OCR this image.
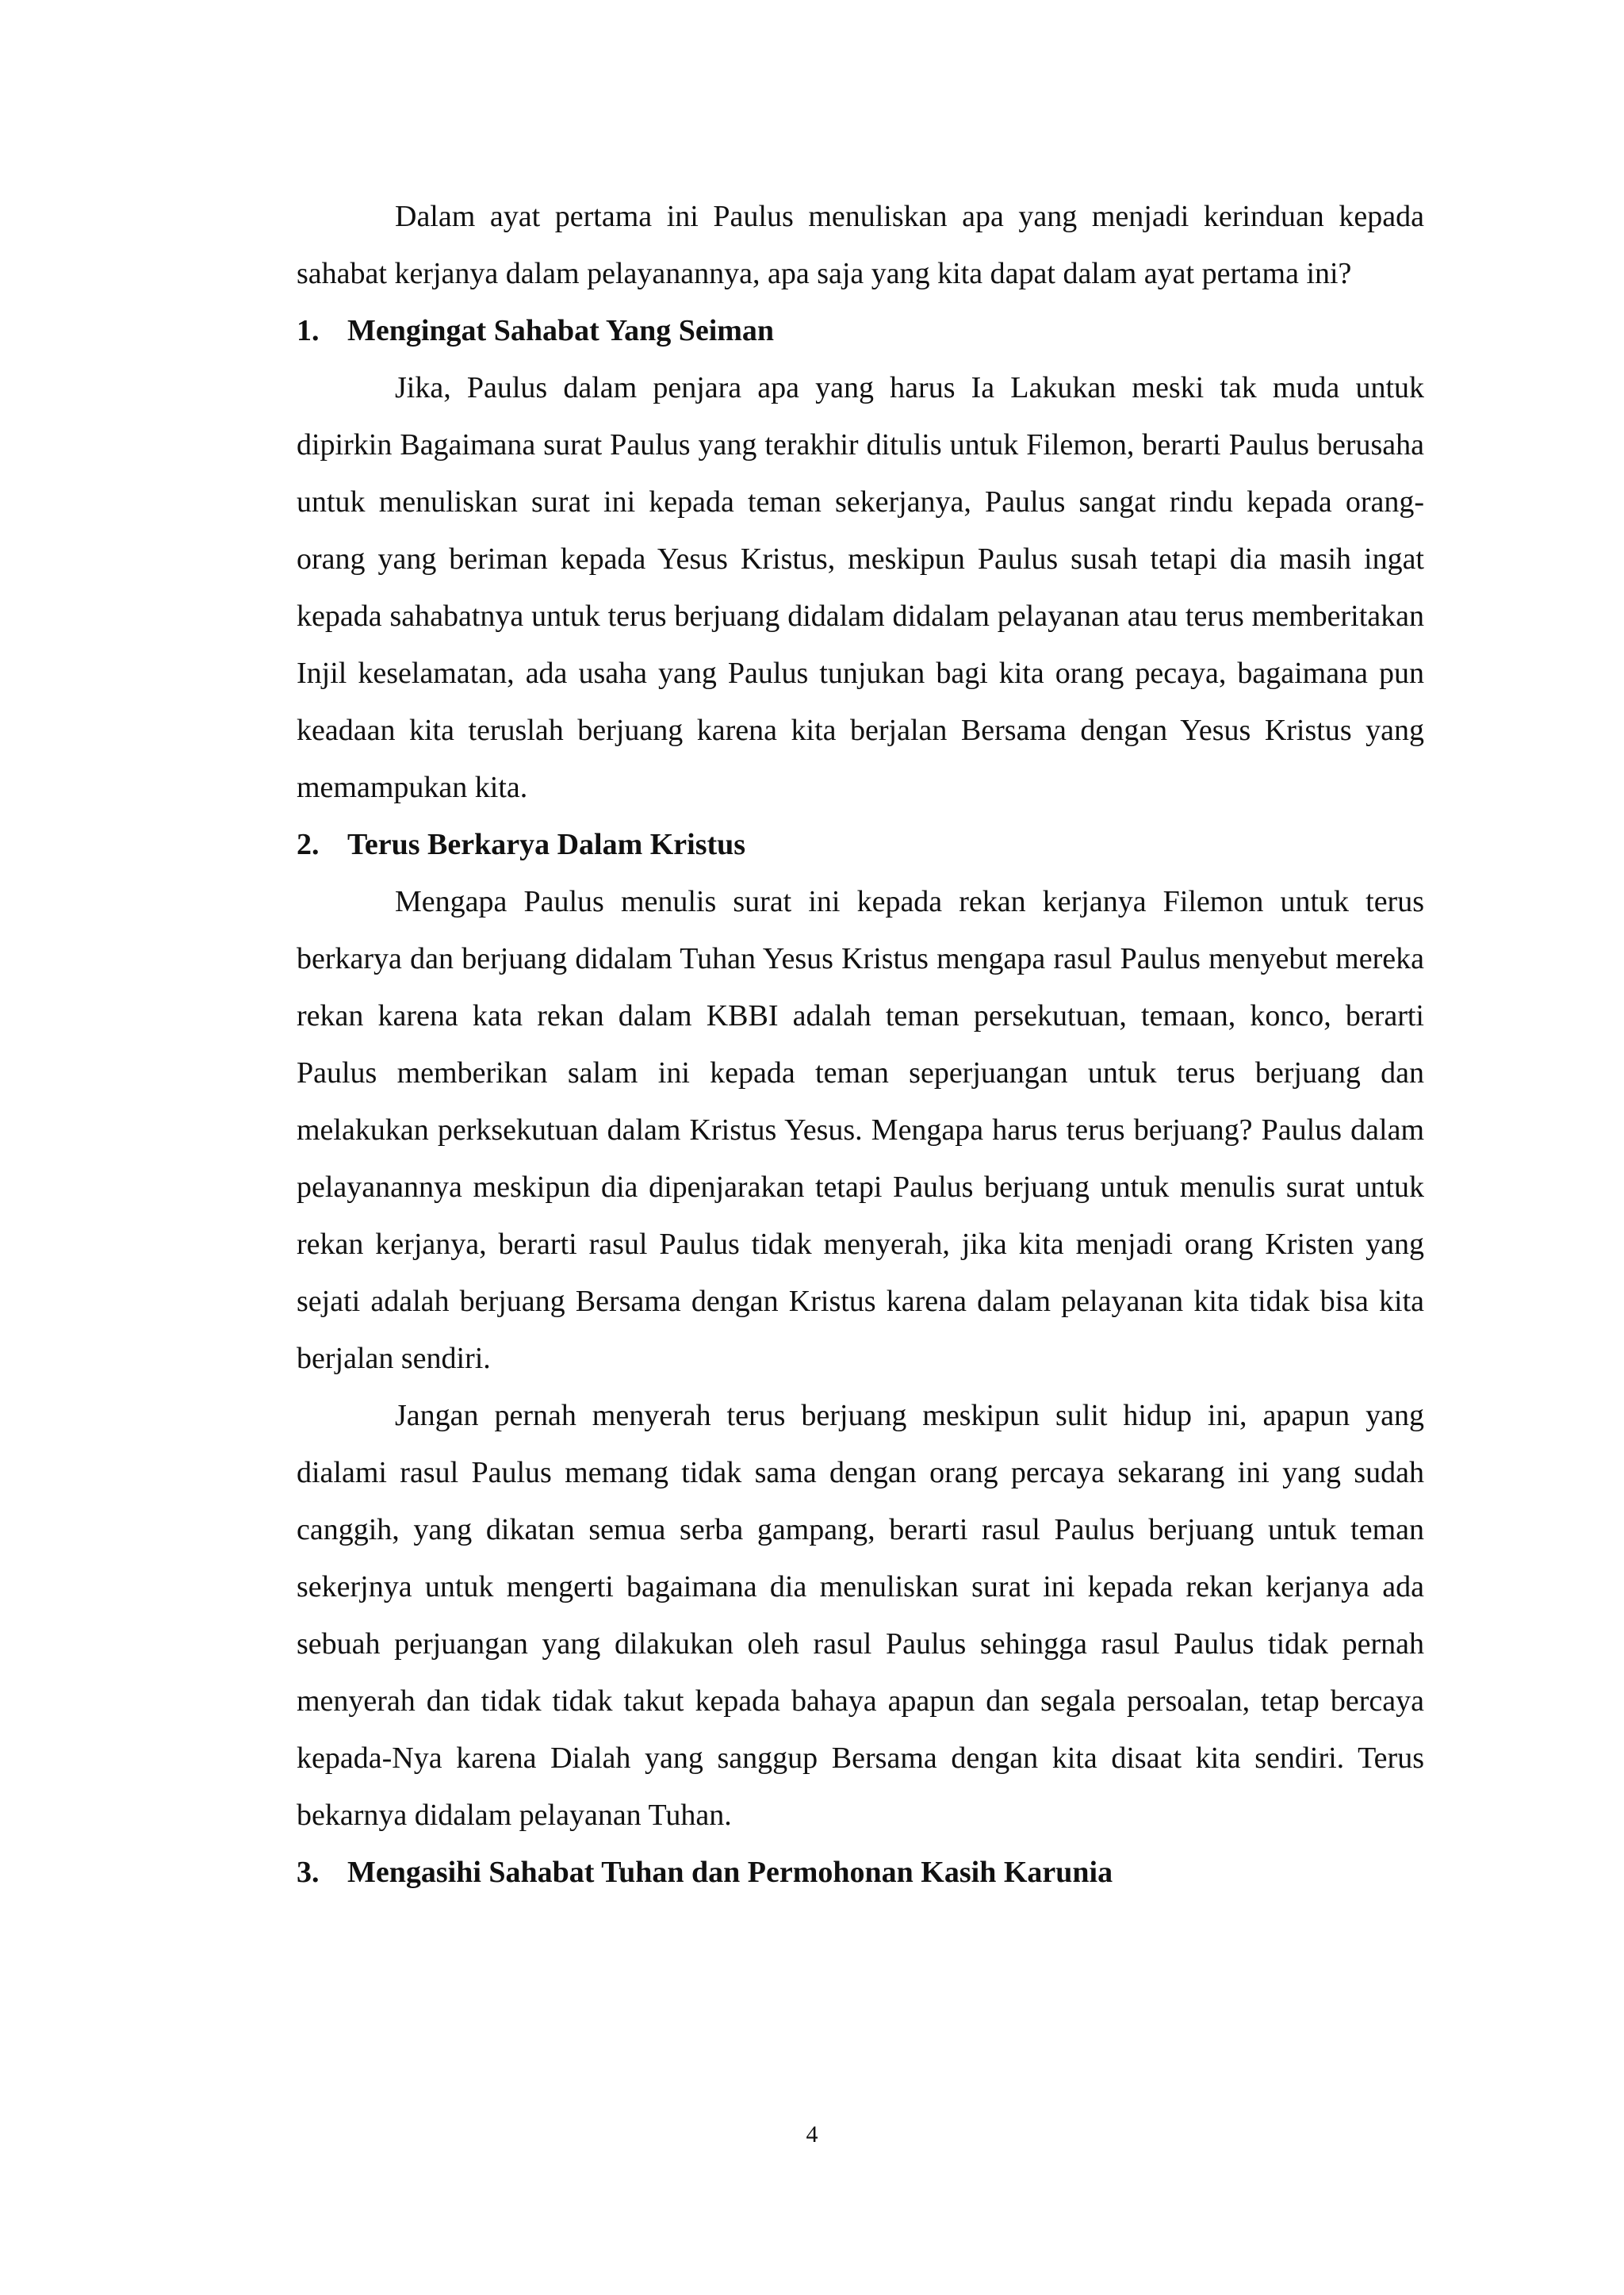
Dalam ayat pertama ini Paulus menuliskan apa yang menjadi kerinduan kepada sahabat kerjanya dalam pelayanannya, apa saja yang kita dapat dalam ayat pertama ini?

1. Mengingat Sahabat Yang Seiman

Jika, Paulus dalam penjara apa yang harus Ia Lakukan meski tak muda untuk dipirkin Bagaimana surat Paulus yang terakhir ditulis untuk Filemon, berarti Paulus berusaha untuk menuliskan surat ini kepada teman sekerjanya, Paulus sangat rindu kepada orang-orang yang beriman kepada Yesus Kristus, meskipun Paulus susah tetapi dia masih ingat kepada sahabatnya untuk terus berjuang didalam didalam pelayanan atau terus memberitakan Injil keselamatan, ada usaha yang Paulus tunjukan bagi kita orang pecaya, bagaimana pun keadaan kita teruslah berjuang karena kita berjalan Bersama dengan Yesus Kristus yang memampukan kita.

2. Terus Berkarya Dalam Kristus

Mengapa Paulus menulis surat ini kepada rekan kerjanya Filemon untuk terus berkarya dan berjuang didalam Tuhan Yesus Kristus mengapa rasul Paulus menyebut mereka rekan karena kata rekan dalam KBBI adalah teman persekutuan, temaan, konco, berarti Paulus memberikan salam ini kepada teman seperjuangan untuk terus berjuang dan melakukan perksekutuan dalam Kristus Yesus. Mengapa harus terus berjuang? Paulus dalam pelayanannya meskipun dia dipenjarakan tetapi Paulus berjuang untuk menulis surat untuk rekan kerjanya, berarti rasul Paulus tidak menyerah, jika kita menjadi orang Kristen yang sejati adalah berjuang Bersama dengan Kristus karena dalam pelayanan kita tidak bisa kita berjalan sendiri.

Jangan pernah menyerah terus berjuang meskipun sulit hidup ini, apapun yang dialami rasul Paulus memang tidak sama dengan orang percaya sekarang ini yang sudah canggih, yang dikatan semua serba gampang, berarti rasul Paulus berjuang untuk teman sekerjnya untuk mengerti bagaimana dia menuliskan surat ini kepada rekan kerjanya ada sebuah perjuangan yang dilakukan oleh rasul Paulus sehingga rasul Paulus tidak pernah menyerah dan tidak tidak takut kepada bahaya apapun dan segala persoalan, tetap bercaya kepada-Nya karena Dialah yang sanggup Bersama dengan kita disaat kita sendiri. Terus bekarnya didalam pelayanan Tuhan.

3. Mengasihi Sahabat Tuhan dan Permohonan Kasih Karunia
4
